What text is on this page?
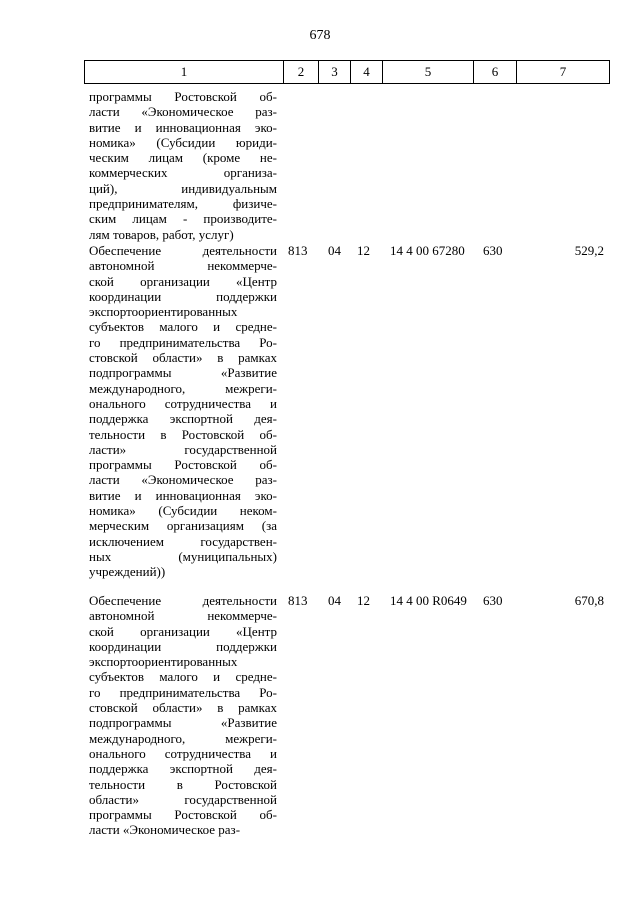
678
1	2	3	4	5	6	7
программы Ростовской об-
ласти «Экономическое раз-
витие и инновационная эко-
номика» (Субсидии юриди-
ческим лицам (кроме не-
коммерческих	организа-
ций),	индивидуальным
предпринимателям,	физиче-
ским лицам - производите-
лям товаров, работ, услуг)
Обеспечение	деятельности
автономной	некоммерче-
ской организации «Центр
координации	поддержки
экспортоориентированных
субъектов малого и средне-
го предпринимательства Ро-
стовской области» в рамках
подпрограммы	«Развитие
международного,	межреги-
онального сотрудничества и
поддержка экспортной дея-
тельности в Ростовской об-
ласти»	государственной
программы Ростовской об-
ласти «Экономическое раз-
витие и инновационная эко-
номика» (Субсидии неком-
мерческим организациям (за
исключением	государствен-
ных	(муниципальных)
учреждений))
813	04	12	14 4 00 67280	630	529,2
Обеспечение	деятельности
автономной	некоммерче-
ской организации «Центр
координации	поддержки
экспортоориентированных
субъектов малого и средне-
го предпринимательства Ро-
стовской области» в рамках
подпрограммы	«Развитие
международного,	межреги-
онального сотрудничества и
поддержка экспортной дея-
тельности в Ростовской
области»	государственной
программы Ростовской об-
ласти «Экономическое раз-
813	04	12	14 4 00 R0649	630	670,8
